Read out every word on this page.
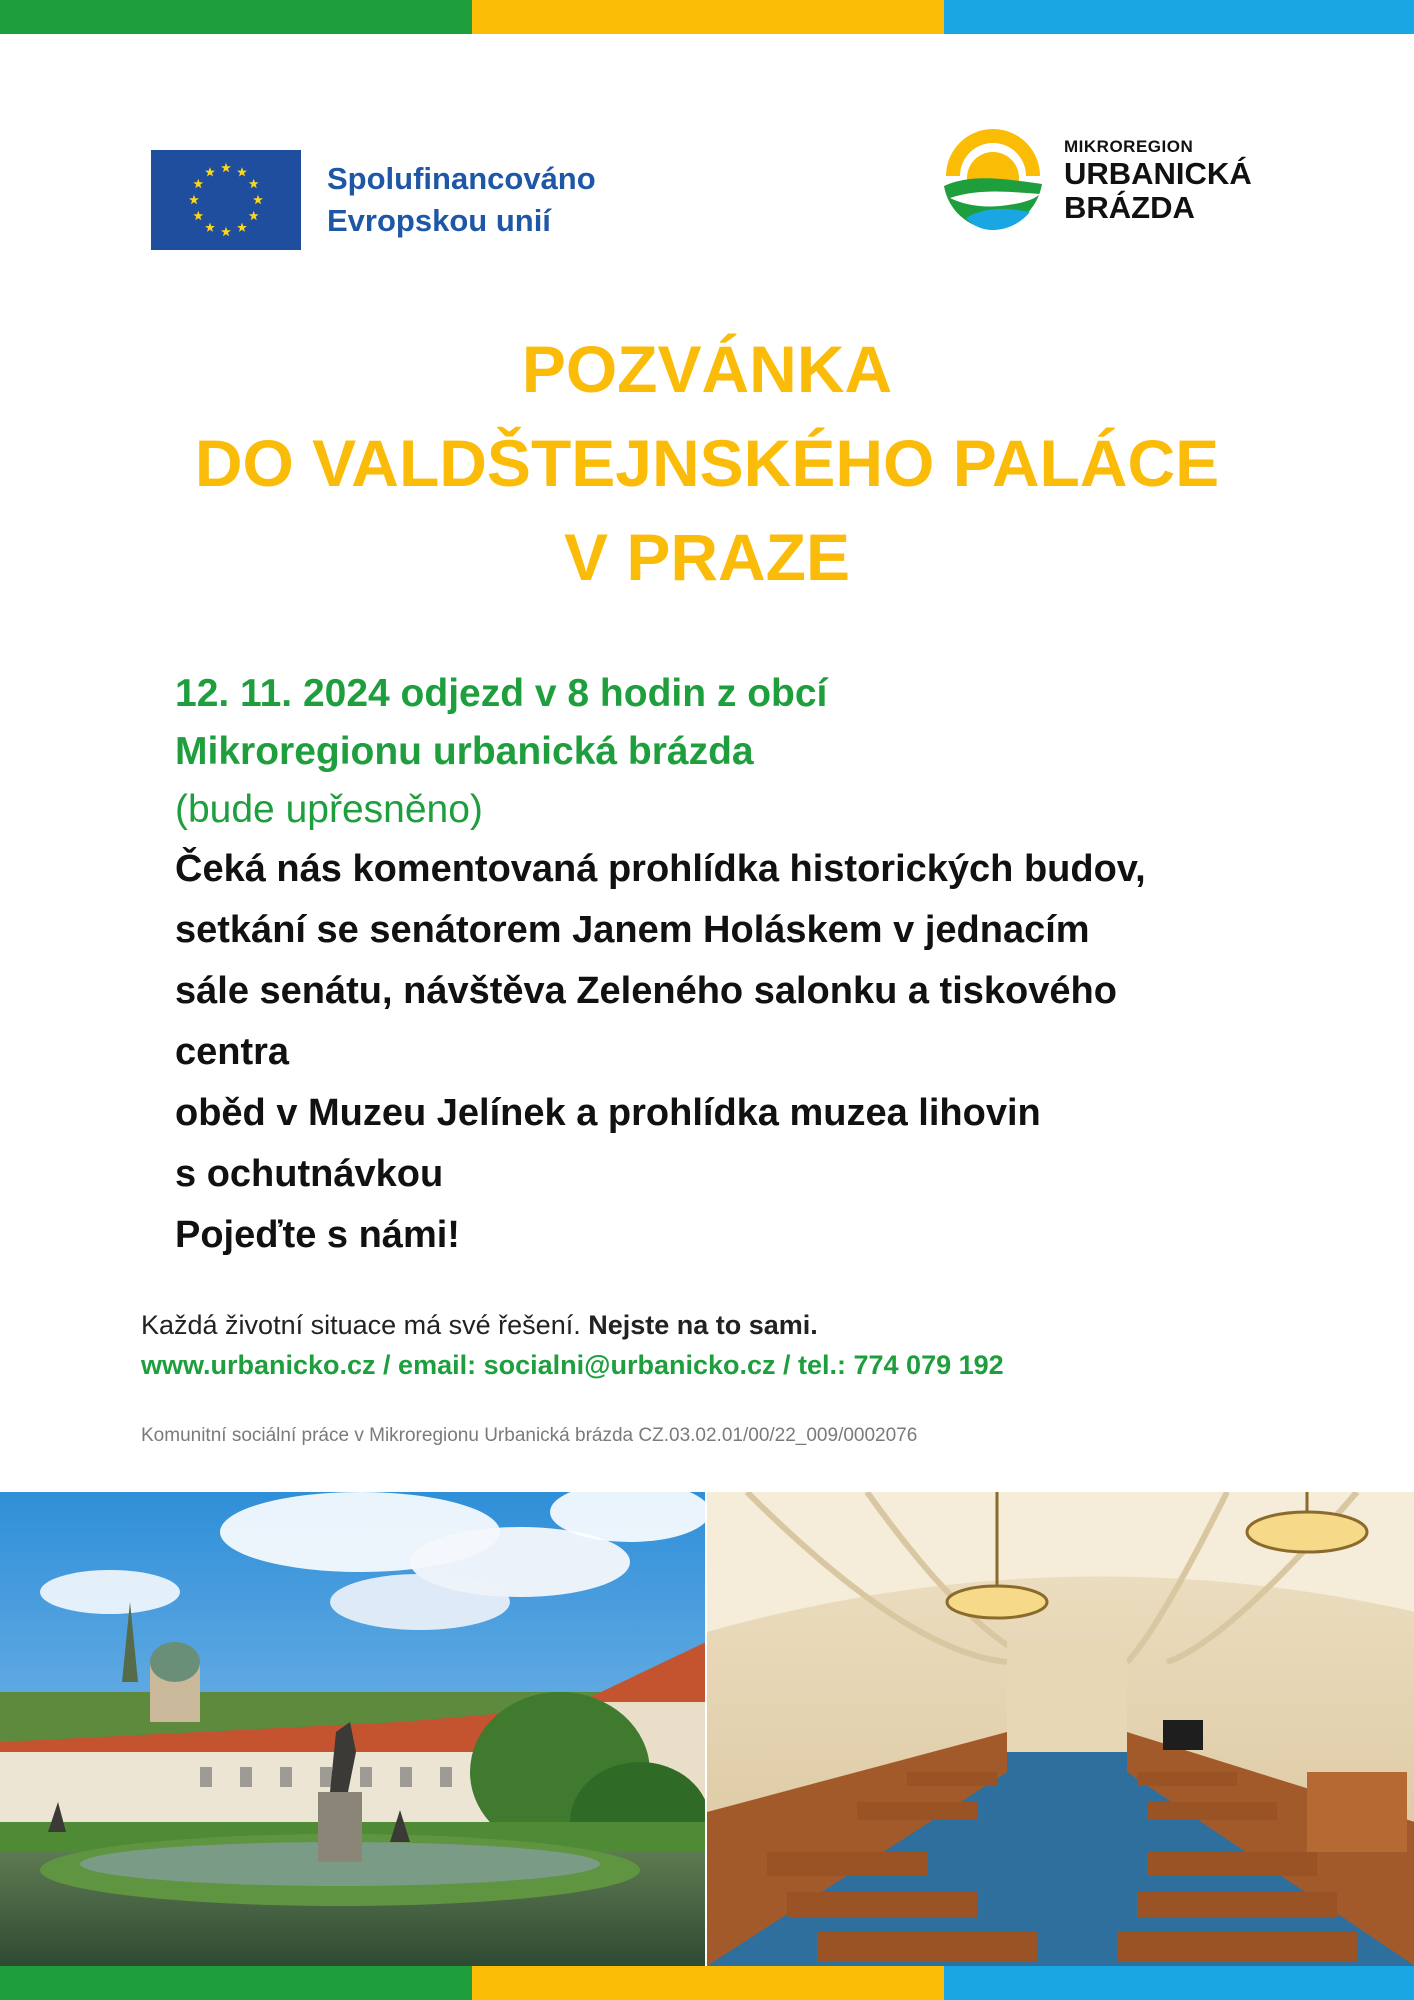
Spolufinancováno
Evropskou unií
MIKROREGION
URBANICKÁ
BRÁZDA
POZVÁNKA
DO VALDŠTEJNSKÉHO PALÁCE
V PRAZE
12. 11. 2024 odjezd v 8 hodin z obcí
Mikroregionu urbanická brázda
(bude upřesněno)
Čeká nás komentovaná prohlídka historických budov,
setkání se senátorem Janem Holáskem v jednacím
sále senátu, návštěva Zeleného salonku a tiskového
centra
oběd v Muzeu Jelínek a prohlídka muzea lihovin
s ochutnávkou
Pojeďte s námi!
Každá životní situace má své řešení. Nejste na to sami.
www.urbanicko.cz / email: socialni@urbanicko.cz / tel.: 774 079 192
Komunitní sociální práce v Mikroregionu Urbanická brázda CZ.03.02.01/00/22_009/0002076
